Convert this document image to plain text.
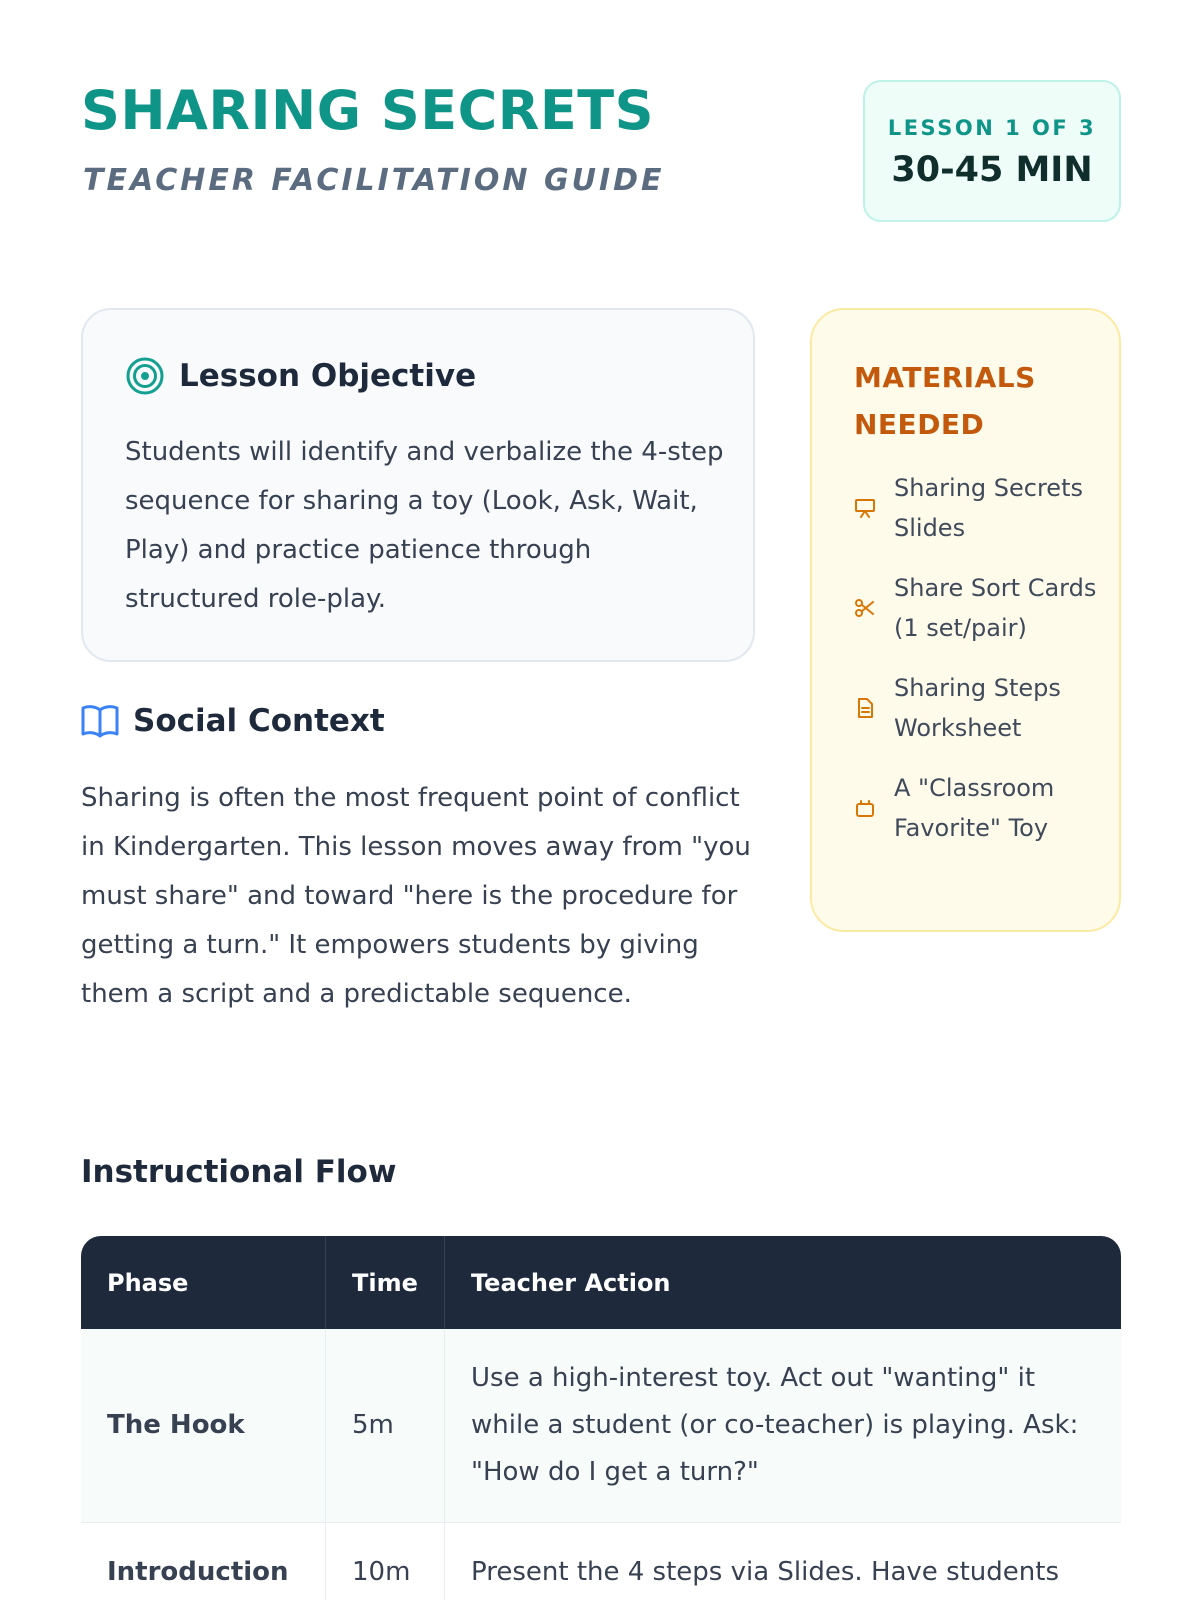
SHARING SECRETS
TEACHER FACILITATION GUIDE
LESSON 1 OF 3
30-45 MIN
Lesson Objective

Students will identify and verbalize the 4-step sequence for sharing a toy (Look, Ask, Wait, Play) and practice patience through structured role-play.

Social Context

Sharing is often the most frequent point of conflict in Kindergarten. This lesson moves away from "you must share" and toward "here is the procedure for getting a turn." It empowers students by giving them a script and a predictable sequence.

MATERIALS NEEDED
Sharing Secrets Slides
Share Sort Cards (1 set/pair)
Sharing Steps Worksheet
A "Classroom Favorite" Toy
Instructional Flow
Phase	Time	Teacher Action
The Hook	5m	Use a high-interest toy. Act out "wanting" it while a student (or co-teacher) is playing. Ask: "How do I get a turn?"
Introduction	10m	Present the 4 steps via Slides. Have students
